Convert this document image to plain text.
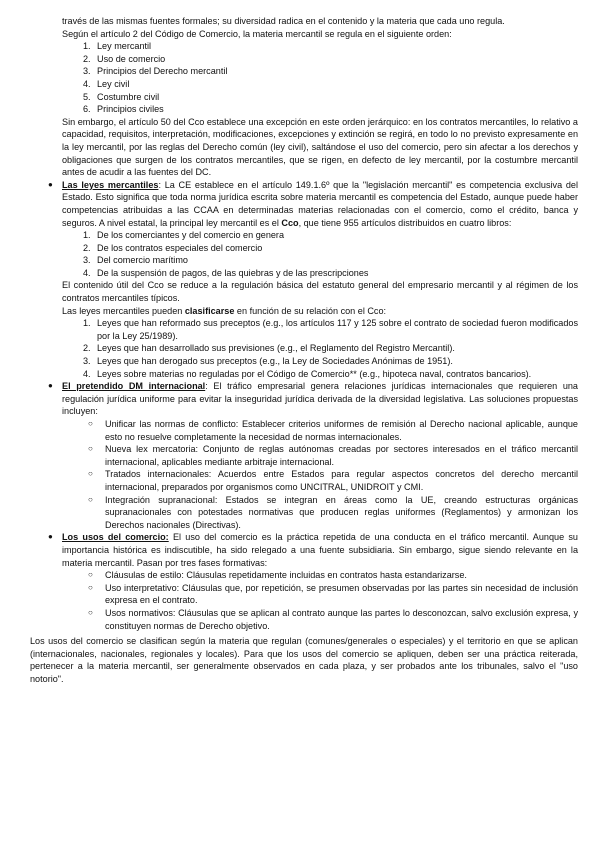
través de las mismas fuentes formales; su diversidad radica en el contenido y la materia que cada uno regula.

Según el artículo 2 del Código de Comercio, la materia mercantil se regula en el siguiente orden:

1. Ley mercantil
2. Uso de comercio
3. Principios del Derecho mercantil
4. Ley civil
5. Costumbre civil
6. Principios civiles

Sin embargo, el artículo 50 del Cco establece una excepción en este orden jerárquico: en los contratos mercantiles, lo relativo a capacidad, requisitos, interpretación, modificaciones, excepciones y extinción se regirá, en todo lo no previsto expresamente en la ley mercantil, por las reglas del Derecho común (ley civil), saltándose el uso del comercio, pero sin afectar a los derechos y obligaciones que surgen de los contratos mercantiles, que se rigen, en defecto de ley mercantil, por la costumbre mercantil antes de acudir a las fuentes del DC.

● Las leyes mercantiles: La CE establece en el artículo 149.1.6º que la "legislación mercantil" es competencia exclusiva del Estado. Esto significa que toda norma jurídica escrita sobre materia mercantil es competencia del Estado, aunque puede haber competencias atribuidas a las CCAA en determinadas materias relacionadas con el comercio, como el crédito, banca y seguros. A nivel estatal, la principal ley mercantil es el Cco, que tiene 955 artículos distribuidos en cuatro libros:

1. De los comerciantes y del comercio en genera
2. De los contratos especiales del comercio
3. Del comercio marítimo
4. De la suspensión de pagos, de las quiebras y de las prescripciones

El contenido útil del Cco se reduce a la regulación básica del estatuto general del empresario mercantil y al régimen de los contratos mercantiles típicos.

Las leyes mercantiles pueden clasificarse en función de su relación con el Cco:

1. Leyes que han reformado sus preceptos (e.g., los artículos 117 y 125 sobre el contrato de sociedad fueron modificados por la Ley 25/1989).
2. Leyes que han desarrollado sus previsiones (e.g., el Reglamento del Registro Mercantil).
3. Leyes que han derogado sus preceptos (e.g., la Ley de Sociedades Anónimas de 1951).
4. Leyes sobre materias no reguladas por el Código de Comercio** (e.g., hipoteca naval, contratos bancarios).
● El pretendido DM internacional: El tráfico empresarial genera relaciones jurídicas internacionales que requieren una regulación jurídica uniforme para evitar la inseguridad jurídica derivada de la diversidad legislativa. Las soluciones propuestas incluyen:

○ Unificar las normas de conflicto: Establecer criterios uniformes de remisión al Derecho nacional aplicable, aunque esto no resuelve completamente la necesidad de normas internacionales.
○ Nueva lex mercatoria: Conjunto de reglas autónomas creadas por sectores interesados en el tráfico mercantil internacional, aplicables mediante arbitraje internacional.
○ Tratados internacionales: Acuerdos entre Estados para regular aspectos concretos del derecho mercantil internacional, preparados por organismos como UNCITRAL, UNIDROIT y CMI.
○ Integración supranacional: Estados se integran en áreas como la UE, creando estructuras orgánicas supranacionales con potestades normativas que producen reglas uniformes (Reglamentos) y armonizan los Derechos nacionales (Directivas).
● Los usos del comercio: El uso del comercio es la práctica repetida de una conducta en el tráfico mercantil. Aunque su importancia histórica es indiscutible, ha sido relegado a una fuente subsidiaria. Sin embargo, sigue siendo relevante en la materia mercantil. Pasan por tres fases formativas:

○ Cláusulas de estilo: Cláusulas repetidamente incluidas en contratos hasta estandarizarse.
○ Uso interpretativo: Cláusulas que, por repetición, se presumen observadas por las partes sin necesidad de inclusión expresa en el contrato.
○ Usos normativos: Cláusulas que se aplican al contrato aunque las partes lo desconozcan, salvo exclusión expresa, y constituyen normas de Derecho objetivo.

Los usos del comercio se clasifican según la materia que regulan (comunes/generales o especiales) y el territorio en que se aplican (internacionales, nacionales, regionales y locales). Para que los usos del comercio se apliquen, deben ser una práctica reiterada, pertenecer a la materia mercantil, ser generalmente observados en cada plaza, y ser probados ante los tribunales, salvo el "uso notorio".
